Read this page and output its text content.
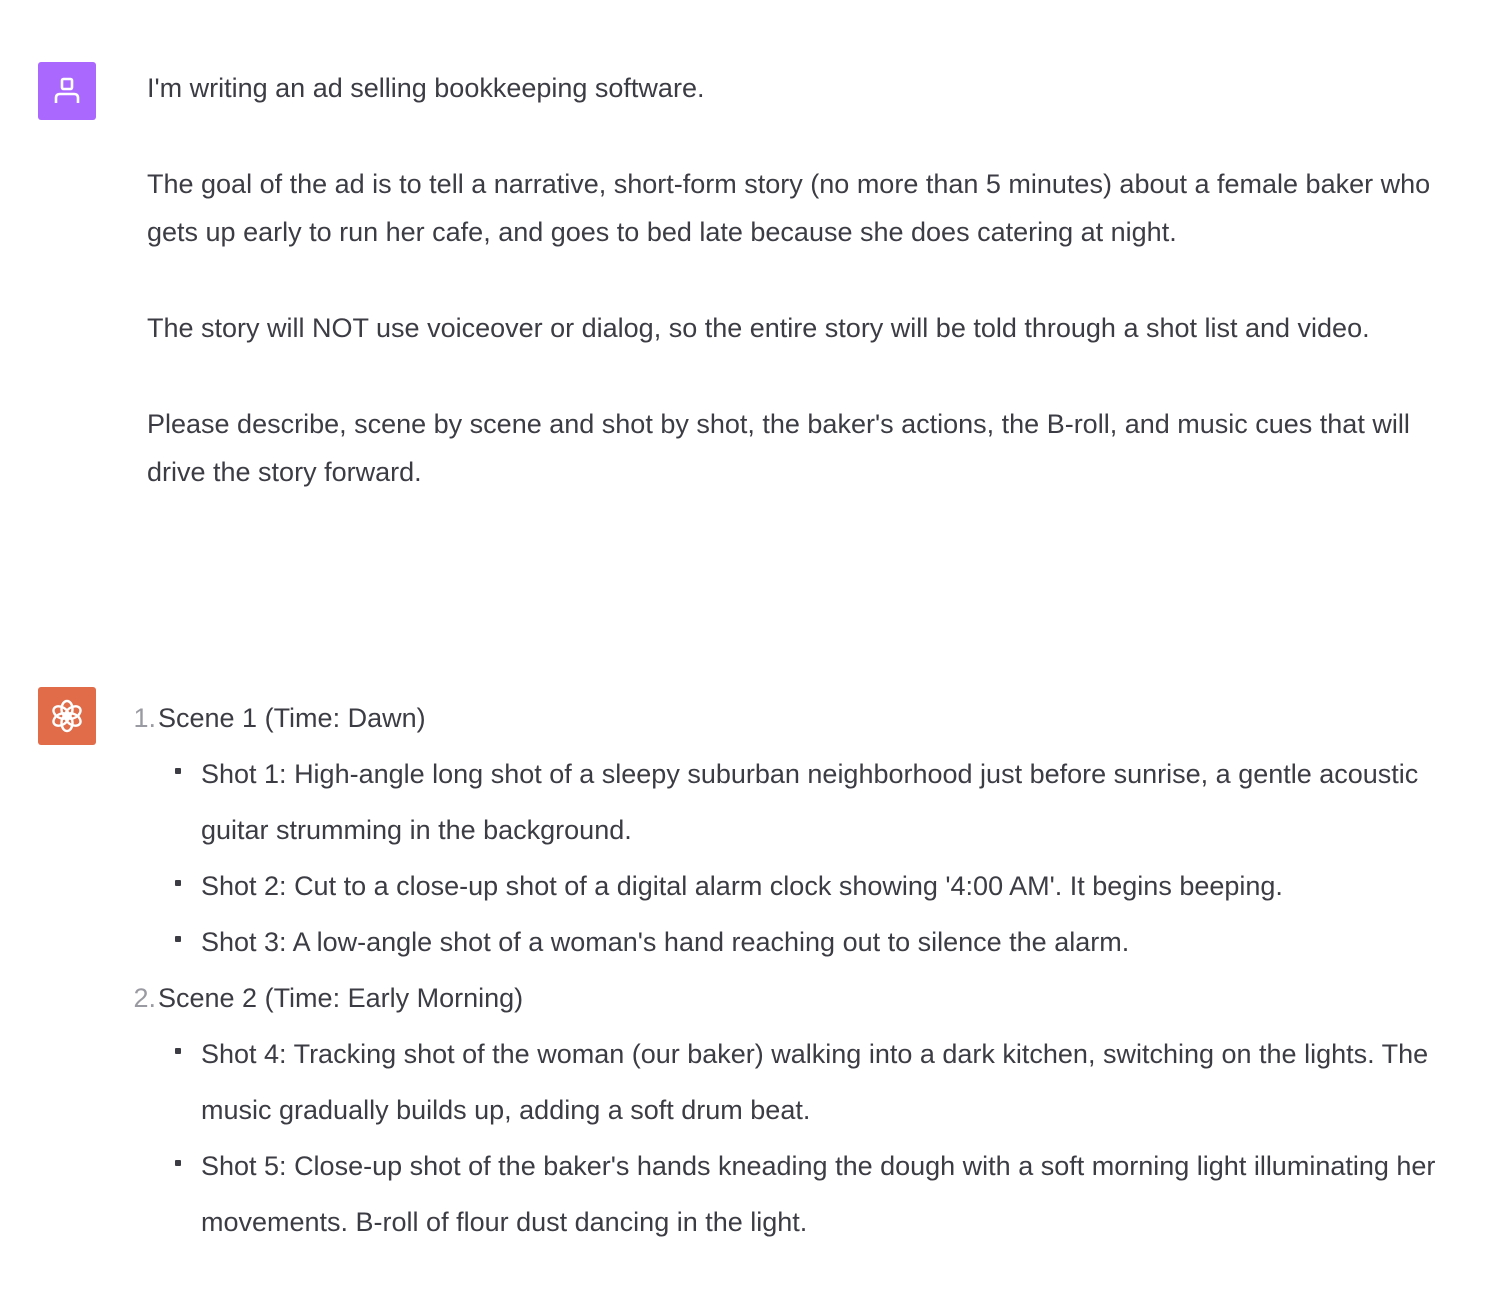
I'm writing an ad selling bookkeeping software.

The goal of the ad is to tell a narrative, short-form story (no more than 5 minutes) about a female baker who gets up early to run her cafe, and goes to bed late because she does catering at night.

The story will NOT use voiceover or dialog, so the entire story will be told through a shot list and video.

Please describe, scene by scene and shot by shot, the baker's actions, the B-roll, and music cues that will drive the story forward.

1. Scene 1 (Time: Dawn)
Shot 1: High-angle long shot of a sleepy suburban neighborhood just before sunrise, a gentle acoustic guitar strumming in the background.
Shot 2: Cut to a close-up shot of a digital alarm clock showing '4:00 AM'. It begins beeping.
Shot 3: A low-angle shot of a woman's hand reaching out to silence the alarm.
2. Scene 2 (Time: Early Morning)
Shot 4: Tracking shot of the woman (our baker) walking into a dark kitchen, switching on the lights. The music gradually builds up, adding a soft drum beat.
Shot 5: Close-up shot of the baker's hands kneading the dough with a soft morning light illuminating her movements. B-roll of flour dust dancing in the light.
